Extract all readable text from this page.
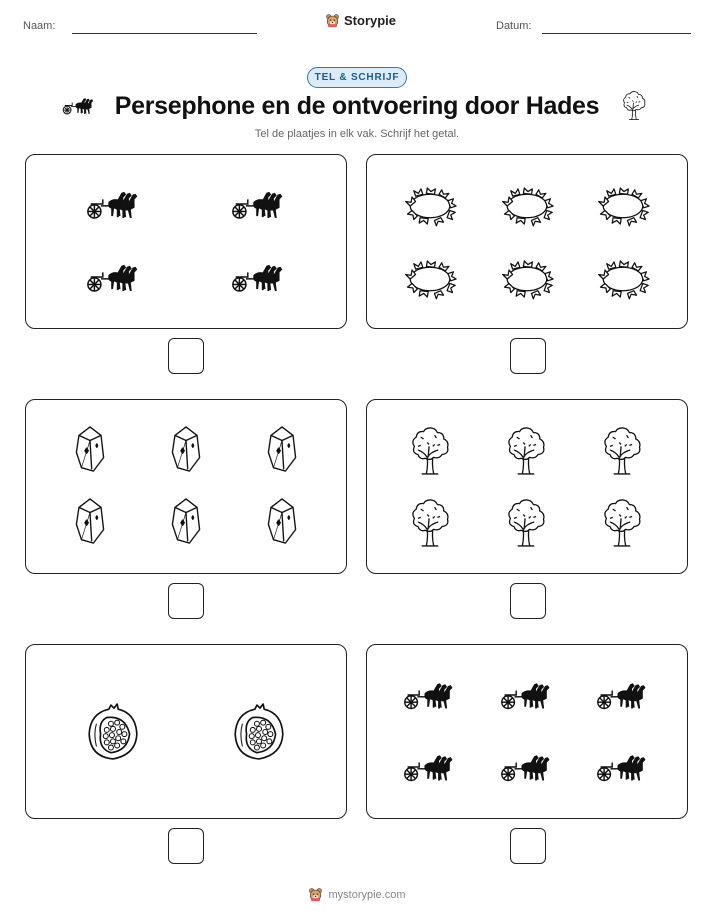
Naam:	Storypie	Datum:
TEL & SCHRIJF
Persephone en de ontvoering door Hades
Tel de plaatjes in elk vak. Schrijf het getal.
mystorypie.com
